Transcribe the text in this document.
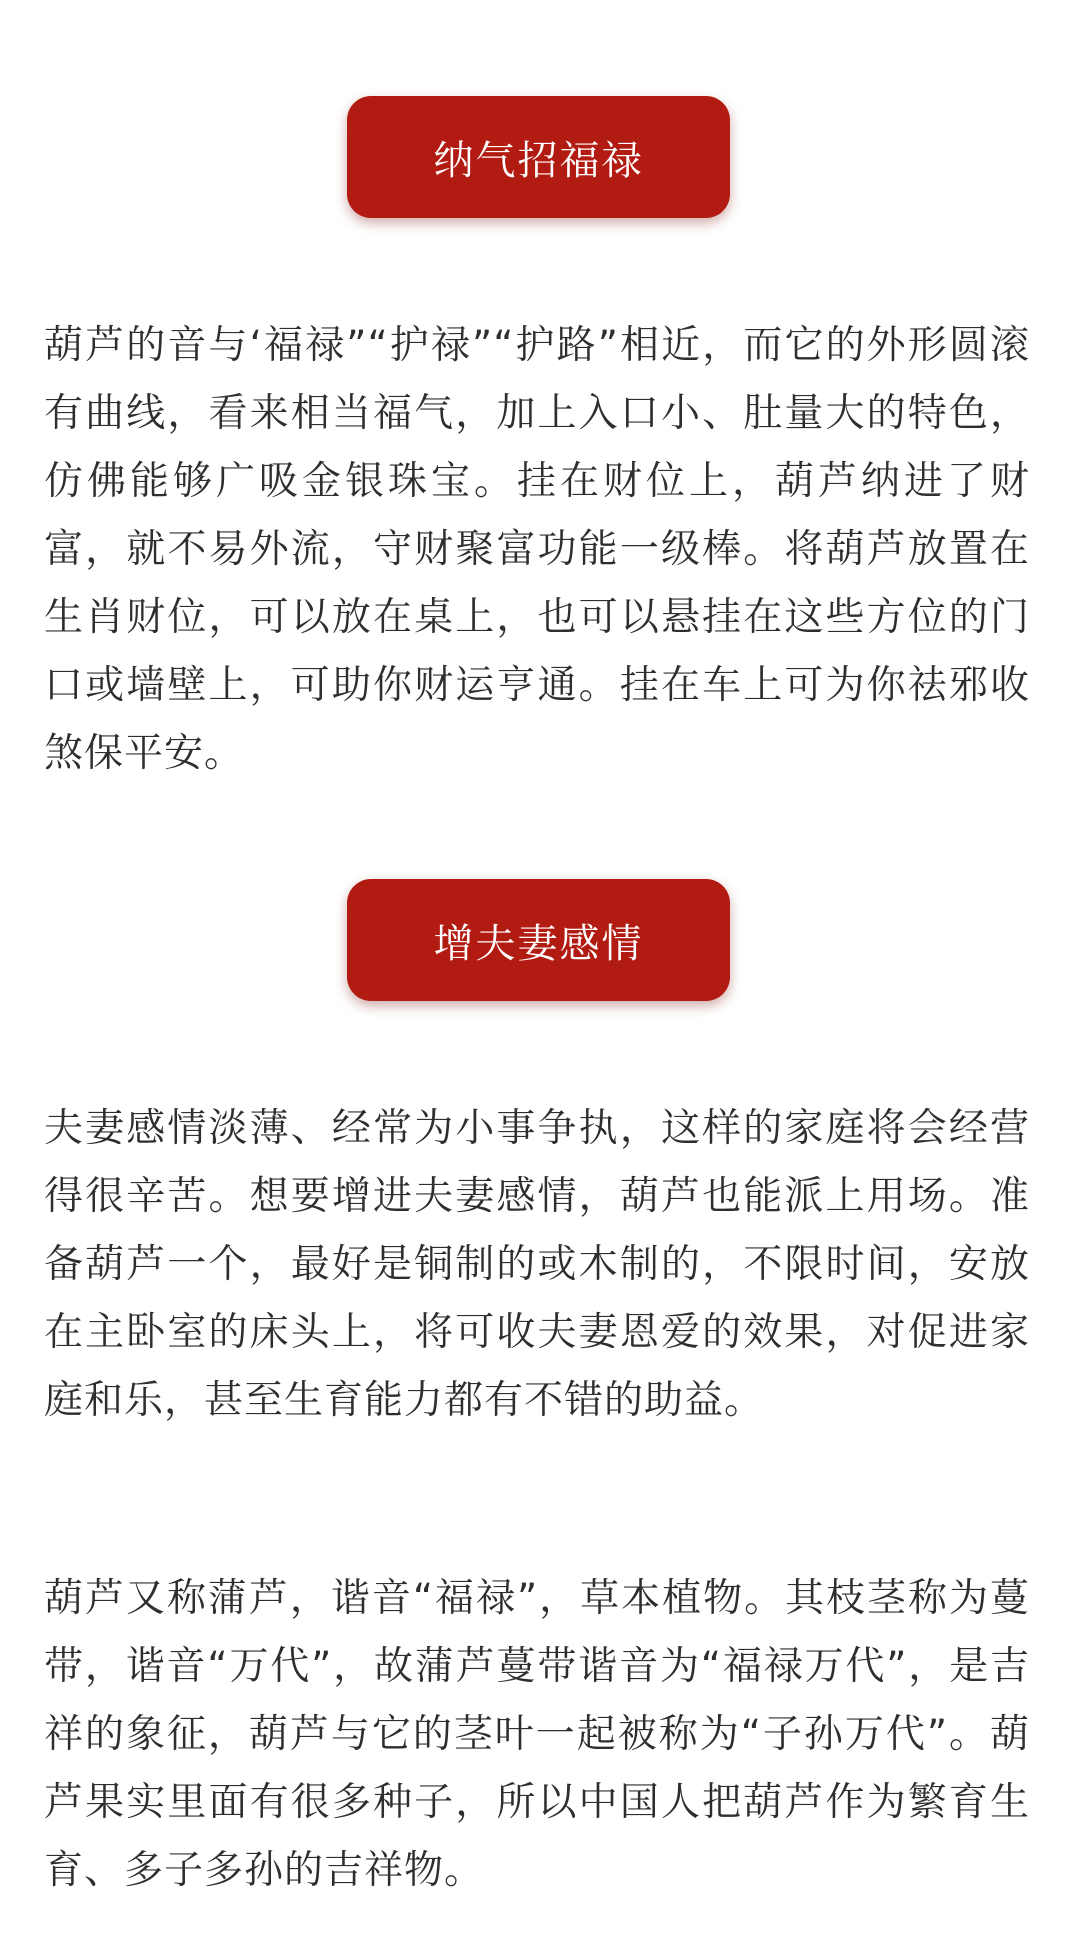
纳气招福禄

葫芦的音与‘福禄”“护禄”“护路”相近，而它的外形圆滚有曲线，看来相当福气，加上入口小、肚量大的特色，仿佛能够广吸金银珠宝。挂在财位上，葫芦纳进了财富，就不易外流，守财聚富功能一级棒。将葫芦放置在生肖财位，可以放在桌上，也可以悬挂在这些方位的门口或墙壁上，可助你财运亨通。挂在车上可为你祛邪收煞保平安。

增夫妻感情

夫妻感情淡薄、经常为小事争执，这样的家庭将会经营得很辛苦。想要增进夫妻感情，葫芦也能派上用场。准备葫芦一个，最好是铜制的或木制的，不限时间，安放在主卧室的床头上，将可收夫妻恩爱的效果，对促进家庭和乐，甚至生育能力都有不错的助益。

葫芦又称蒲芦，谐音“福禄”，草本植物。其枝茎称为蔓带，谐音“万代”，故蒲芦蔓带谐音为“福禄万代”，是吉祥的象征，葫芦与它的茎叶一起被称为“子孙万代”。葫芦果实里面有很多种子，所以中国人把葫芦作为繁育生育、多子多孙的吉祥物。
